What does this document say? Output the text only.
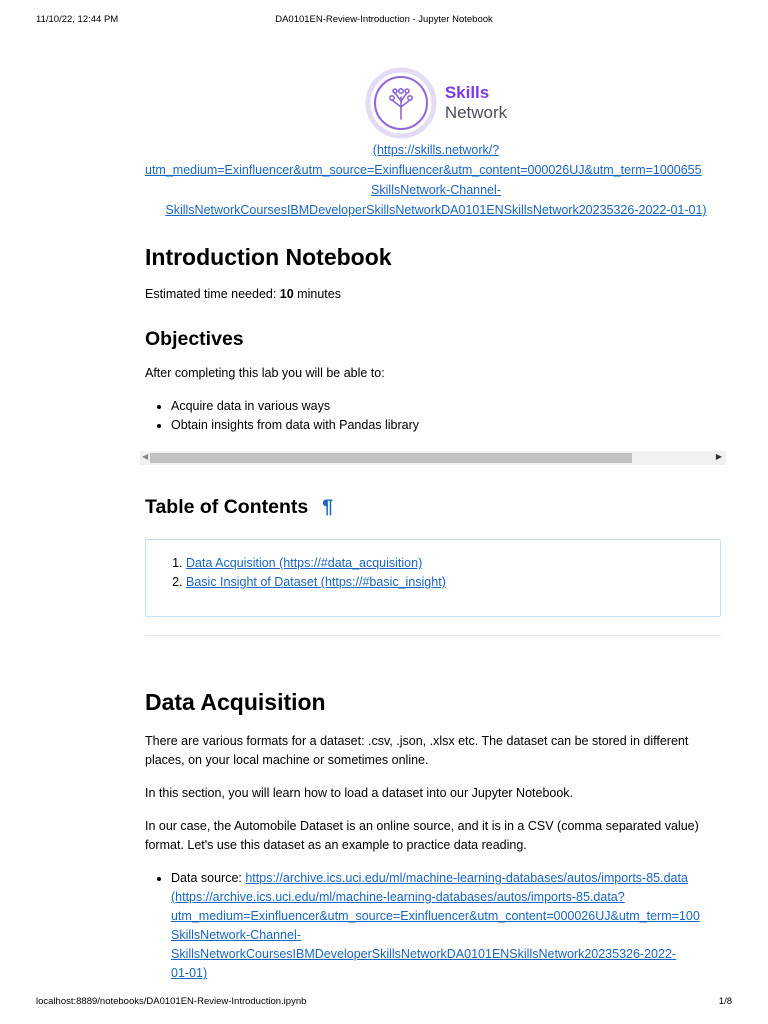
11/10/22, 12:44 PM	DA0101EN-Review-Introduction - Jupyter Notebook
Skills
Network
(https://skills.network/?
utm_medium=Exinfluencer&utm_source=Exinfluencer&utm_content=000026UJ&utm_term=1000655
SkillsNetwork-Channel-
SkillsNetworkCoursesIBMDeveloperSkillsNetworkDA0101ENSkillsNetwork20235326-2022-01-01)
Introduction Notebook

Estimated time needed: 10 minutes

Objectives

After completing this lab you will be able to:

• Acquire data in various ways
• Obtain insights from data with Pandas library
◀	▶
Table of Contents ¶
1. Data Acquisition (https://#data_acquisition)
2. Basic Insight of Dataset (https://#basic_insight)
Data Acquisition

There are various formats for a dataset: .csv, .json, .xlsx etc. The dataset can be stored in different places, on your local machine or sometimes online.

In this section, you will learn how to load a dataset into our Jupyter Notebook.

In our case, the Automobile Dataset is an online source, and it is in a CSV (comma separated value) format. Let's use this dataset as an example to practice data reading.

• Data source: https://archive.ics.uci.edu/ml/machine-learning-databases/autos/imports-85.data
(https://archive.ics.uci.edu/ml/machine-learning-databases/autos/imports-85.data?
utm_medium=Exinfluencer&utm_source=Exinfluencer&utm_content=000026UJ&utm_term=100
SkillsNetwork-Channel-
SkillsNetworkCoursesIBMDeveloperSkillsNetworkDA0101ENSkillsNetwork20235326-2022-
01-01)
localhost:8889/notebooks/DA0101EN-Review-Introduction.ipynb	1/8
